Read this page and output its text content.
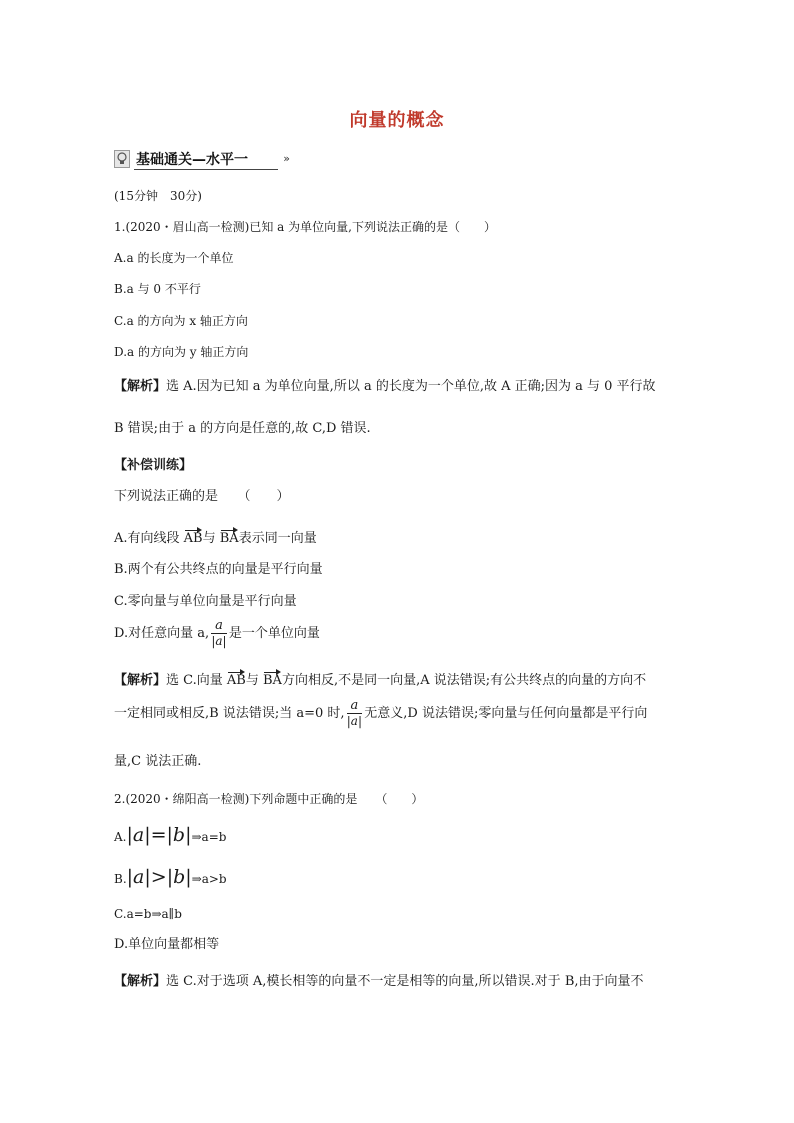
向量的概念
基础通关—水平一	»
(15分钟　30分)
1.(2020・眉山高一检测)已知 a 为单位向量,下列说法正确的是（　　）
A.a 的长度为一个单位
B.a 与 0 不平行
C.a 的方向为 x 轴正方向
D.a 的方向为 y 轴正方向
【解析】选 A.因为已知 a 为单位向量,所以 a 的长度为一个单位,故 A 正确;因为 a 与 0 平行故
B 错误;由于 a 的方向是任意的,故 C,D 错误.
【补偿训练】
下列说法正确的是　　（　　）
A.有向线段 AB与 BA表示同一向量
B.两个有公共终点的向量是平行向量
C.零向量与单位向量是平行向量
D.对任意向量 a, $\frac{a}{|a|}$ 是一个单位向量
【解析】选 C.向量 AB与 BA方向相反,不是同一向量,A 说法错误;有公共终点的向量的方向不
一定相同或相反,B 说法错误;当 a=0 时, $\frac{a}{|a|}$ 无意义,D 说法错误;零向量与任何向量都是平行向
量,C 说法正确.
2.(2020・绵阳高一检测)下列命题中正确的是　　（　　）
A.|a|=|b|⇒a=b
B.|a|>|b|⇒a>b
C.a=b⇒a∥b
D.单位向量都相等
【解析】选 C.对于选项 A,模长相等的向量不一定是相等的向量,所以错误.对于 B,由于向量不
